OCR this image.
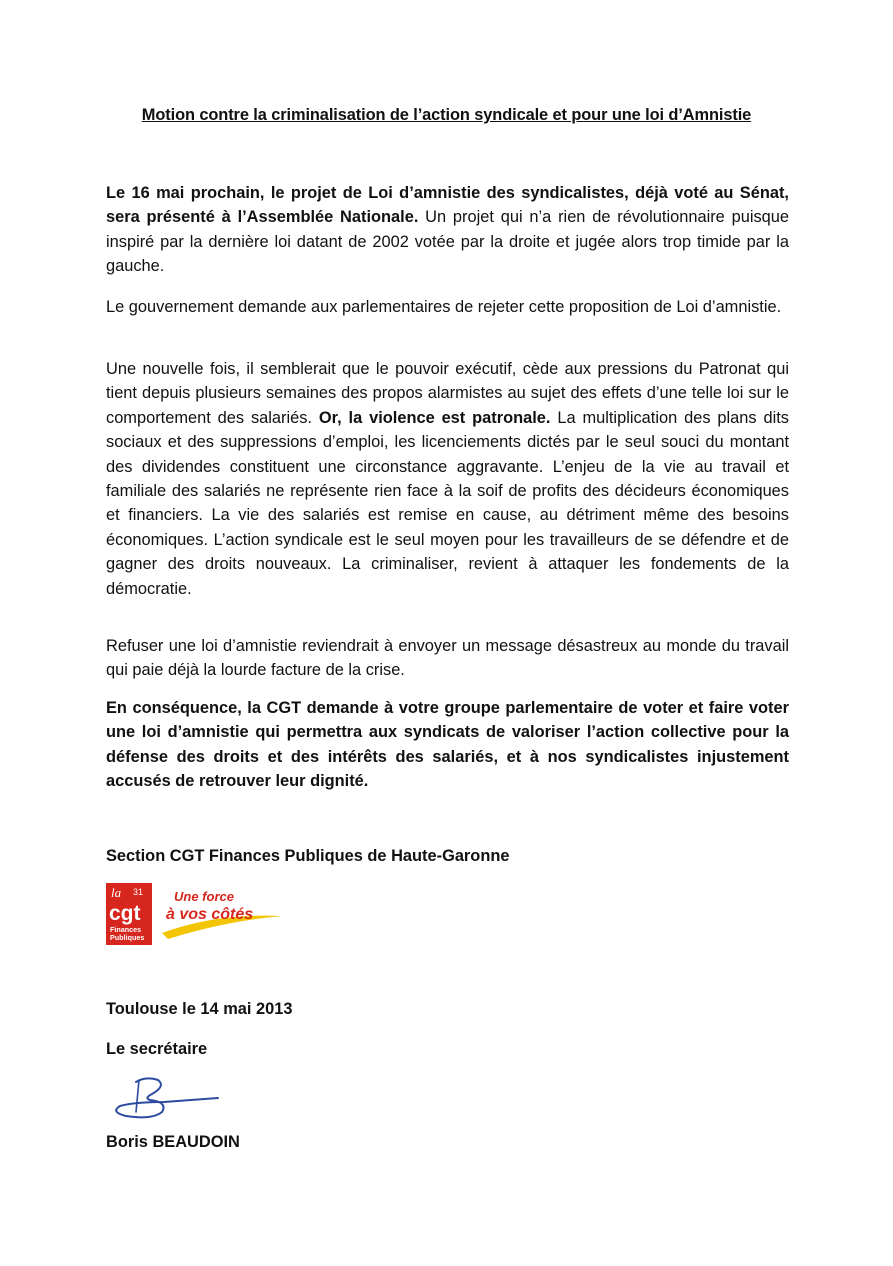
Motion contre la criminalisation de l’action syndicale et pour une loi d’Amnistie

Le 16 mai prochain, le projet de Loi d’amnistie des syndicalistes, déjà voté au Sénat, sera présenté à l’Assemblée Nationale. Un projet qui n’a rien de révolutionnaire puisque inspiré par la dernière loi datant de 2002 votée par la droite et jugée alors trop timide par la gauche.

Le gouvernement demande aux parlementaires de rejeter cette proposition de Loi d’amnistie.

Une nouvelle fois, il semblerait que le pouvoir exécutif, cède aux pressions du Patronat qui tient depuis plusieurs semaines des propos alarmistes au sujet des effets d’une telle loi sur le comportement des salariés. Or, la violence est patronale. La multiplication des plans dits sociaux et des suppressions d’emploi, les licenciements dictés par le seul souci du montant des dividendes constituent une circonstance aggravante. L’enjeu de la vie au travail et familiale des salariés ne représente rien face à la soif de profits des décideurs économiques et financiers. La vie des salariés est remise en cause, au détriment même des besoins économiques. L’action syndicale est le seul moyen pour les travailleurs de se défendre et de gagner des droits nouveaux. La criminaliser, revient à attaquer les fondements de la démocratie.

Refuser une loi d’amnistie reviendrait à envoyer un message désastreux au monde du travail qui paie déjà la lourde facture de la crise.

En conséquence, la CGT demande à votre groupe parlementaire de voter et faire voter une loi d’amnistie qui permettra aux syndicats de valoriser l’action collective pour la défense des droits et des intérêts des salariés, et à nos syndicalistes injustement accusés de retrouver leur dignité.

Section CGT Finances Publiques de Haute-Garonne
la 31
cgt
Finances
Publiques
Une force
à vos côtés
Toulouse le 14 mai 2013
Le secrétaire
Boris BEAUDOIN
